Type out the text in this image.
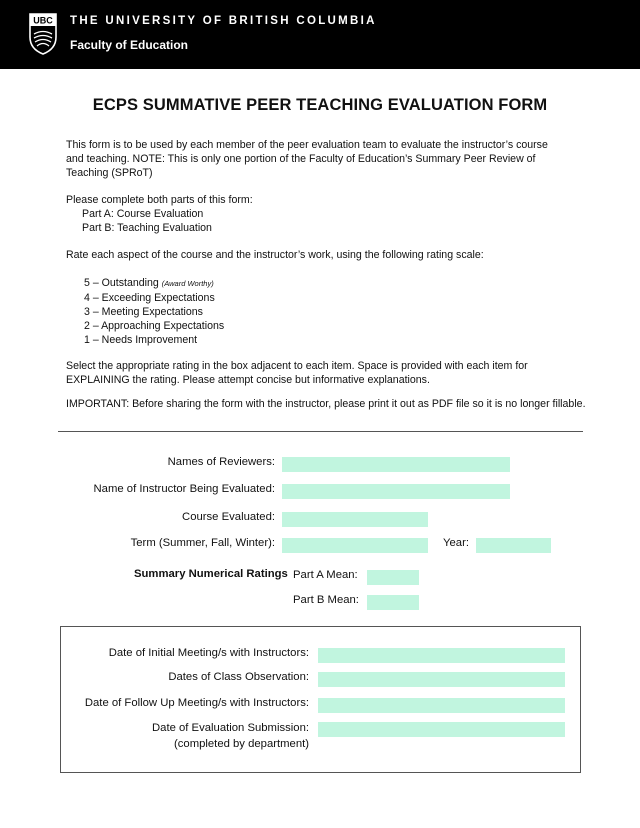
UBC THE UNIVERSITY OF BRITISH COLUMBIA
Faculty of Education
ECPS SUMMATIVE PEER TEACHING EVALUATION FORM
This form is to be used by each member of the peer evaluation team to evaluate the instructor’s course
and teaching. NOTE: This is only one portion of the Faculty of Education’s Summary Peer Review of
Teaching (SPRoT)
Please complete both parts of this form:
Part A: Course Evaluation
Part B: Teaching Evaluation
Rate each aspect of the course and the instructor’s work, using the following rating scale:
5 – Outstanding (Award Worthy)
4 – Exceeding Expectations
3 – Meeting Expectations
2 – Approaching Expectations
1 – Needs Improvement
Select the appropriate rating in the box adjacent to each item. Space is provided with each item for
EXPLAINING the rating. Please attempt concise but informative explanations.
IMPORTANT: Before sharing the form with the instructor, please print it out as PDF file so it is no longer fillable.
Names of Reviewers:
Name of Instructor Being Evaluated:
Course Evaluated:
Term (Summer, Fall, Winter):	Year:
Summary Numerical Ratings Part A Mean:
Part B Mean:
Date of Initial Meeting/s with Instructors:
Dates of Class Observation:
Date of Follow Up Meeting/s with Instructors:
Date of Evaluation Submission:
(completed by department)
